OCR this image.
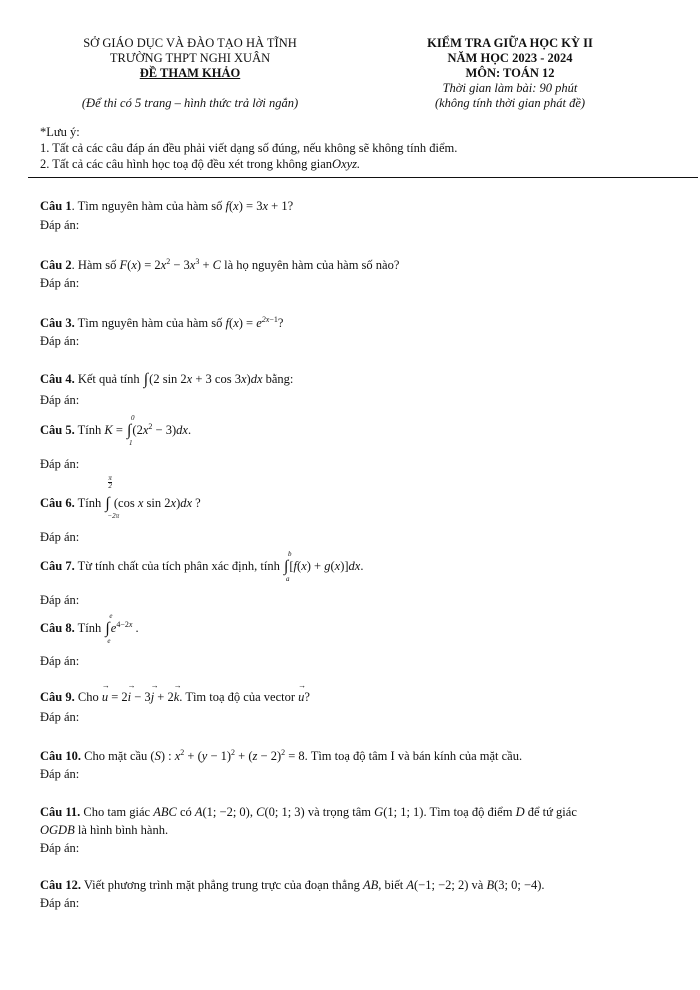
SỞ GIÁO DỤC VÀ ĐÀO TẠO HÀ TĨNH
TRƯỜNG THPT NGHI XUÂN
ĐỀ THAM KHẢO
(Để thi có 5 trang – hình thức trả lời ngắn)
KIỂM TRA GIỮA HỌC KỲ II
NĂM HỌC 2023 - 2024
MÔN: TOÁN 12
Thời gian làm bài: 90 phút
(không tính thời gian phát đề)
*Lưu ý:
1. Tất cả các câu đáp án đều phải viết dạng số đúng, nếu không sẽ không tính điểm.
2. Tất cả các câu hình học toạ độ đều xét trong không gianOxyz.
Câu 1. Tìm nguyên hàm của hàm số f(x) = 3x + 1?
Đáp án:
Câu 2. Hàm số $F(x) = 2x^2 - 3x^3 + C$ là họ nguyên hàm của hàm số nào?
Đáp án:
Câu 3. Tìm nguyên hàm của hàm số $f(x) = e^{2x-1}$?
Đáp án:
Câu 4. Kết quả tính ∫(2 sin 2x + 3 cos 3x)dx bằng:
Đáp án:
Câu 5. Tính K = ∫
0
1
$(2x^2 - 3)dx$.
Đáp án:
Câu 6. Tính ∫
$\frac{\pi}{2}$
−2π
(cos x sin 2x)dx ?
Đáp án:
Câu 7. Từ tính chất của tích phân xác định, tính ∫
b
a
[f(x) + g(x)]dx.
Đáp án:
Câu 8. Tính ∫
e
e
$e^{4-2x}$ .
Đáp án:
Câu 9. Cho → u = 2→ i − 3→ j + 2→ k. Tìm toạ độ của vector → u?
Đáp án:
Câu 10. Cho mặt cầu (S) : $x^2 + (y - 1)^2 + (z - 2)^2 = 8$. Tìm toạ độ tâm I và bán kính của mặt cầu.
Đáp án:
Câu 11. Cho tam giác ABC có A(1; −2; 0), C(0; 1; 3) và trọng tâm G(1; 1; 1). Tìm toạ độ điểm D để tứ giác
OGDB là hình bình hành.
Đáp án:
Câu 12. Viết phương trình mặt phẳng trung trực của đoạn thẳng AB, biết A(−1; −2; 2) và B(3; 0; −4).
Đáp án:
